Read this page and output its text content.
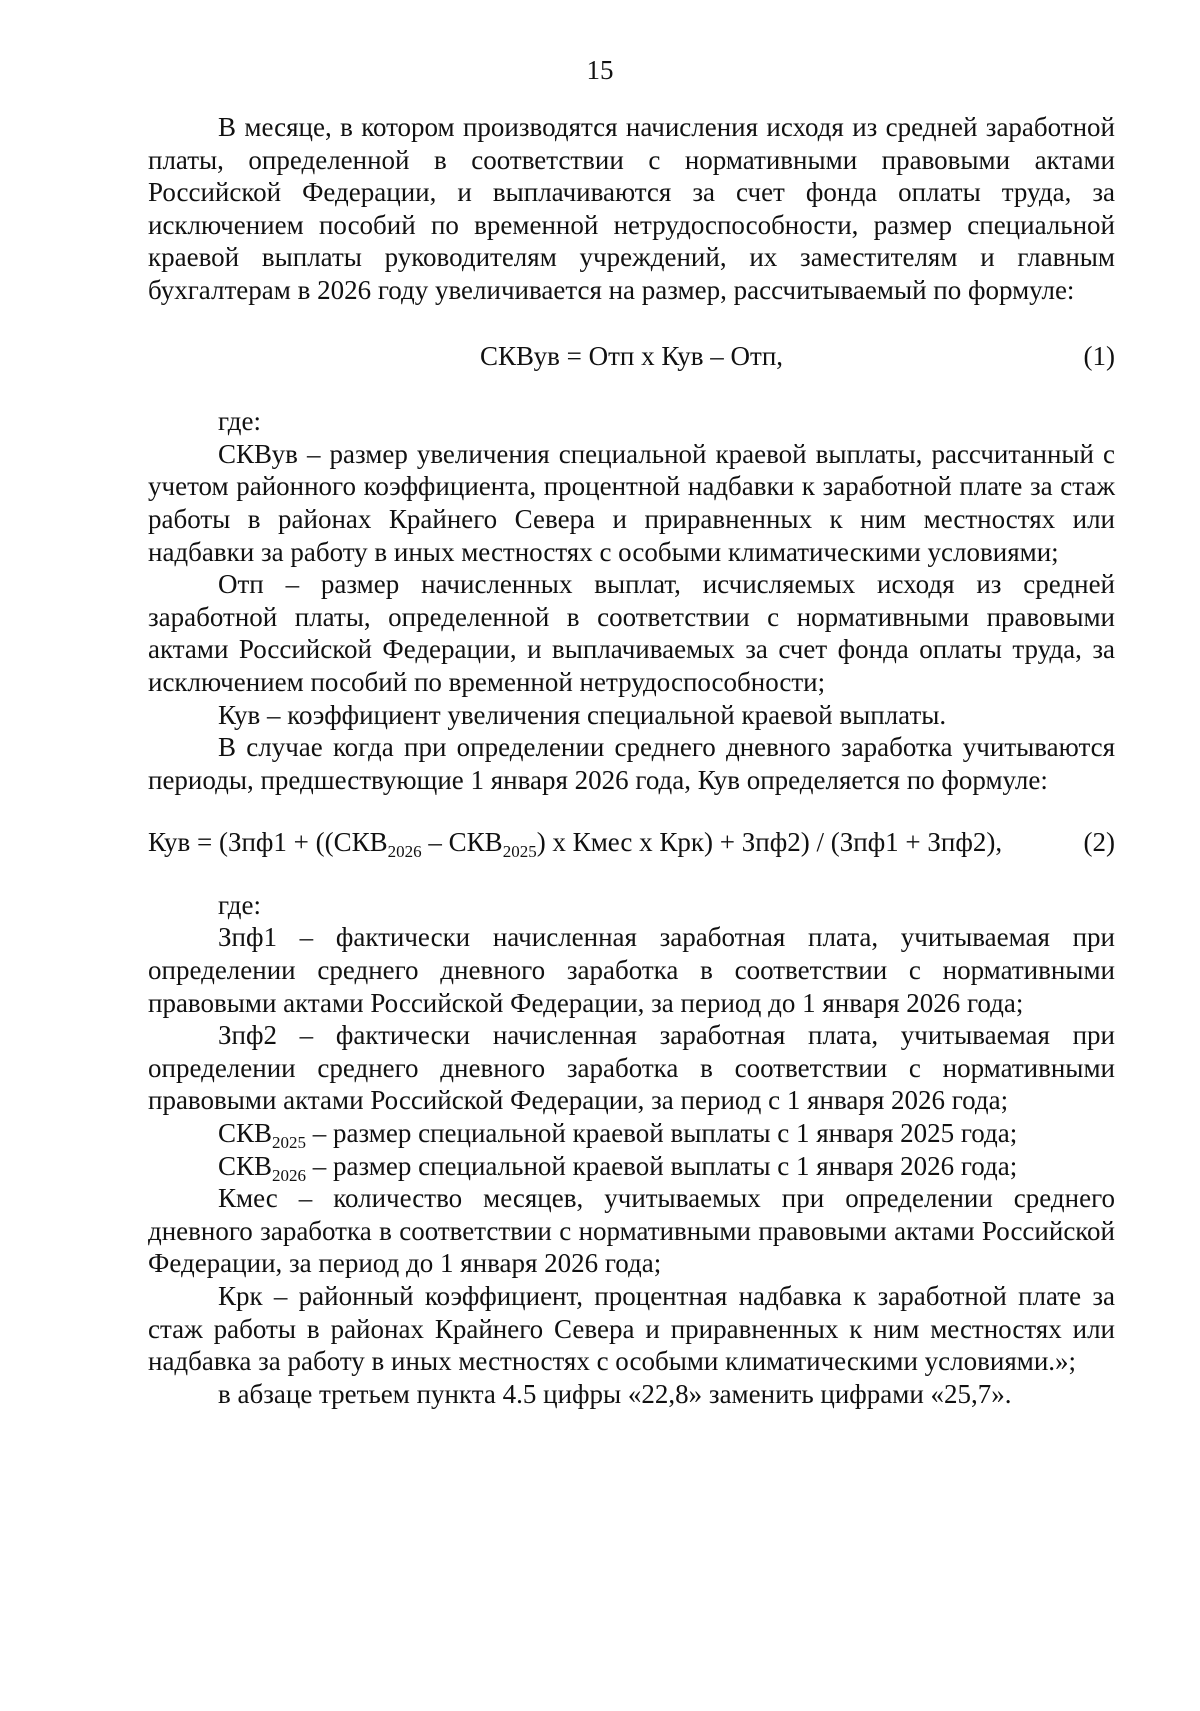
15

В месяце, в котором производятся начисления исходя из средней заработной платы, определенной в соответствии с нормативными правовыми актами Российской Федерации, и выплачиваются за счет фонда оплаты труда, за исключением пособий по временной нетрудоспособности, размер специальной краевой выплаты руководителям учреждений, их заместителям и главным бухгалтерам в 2026 году увеличивается на размер, рассчитываемый по формуле:

СКВув = Отп х Кув – Отп,	(1)

где:

СКВув – размер увеличения специальной краевой выплаты, рассчитанный с учетом районного коэффициента, процентной надбавки к заработной плате за стаж работы в районах Крайнего Севера и приравненных к ним местностях или надбавки за работу в иных местностях с особыми климатическими условиями;

Отп – размер начисленных выплат, исчисляемых исходя из средней заработной платы, определенной в соответствии с нормативными правовыми актами Российской Федерации, и выплачиваемых за счет фонда оплаты труда, за исключением пособий по временной нетрудоспособности;

Кув – коэффициент увеличения специальной краевой выплаты.

В случае когда при определении среднего дневного заработка учитываются периоды, предшествующие 1 января 2026 года, Кув определяется по формуле:

Кув = ($Зпф1 + ((СКВ_{2026} - СКВ_{2025})$ х Кмес х Крк) + Зпф2) / (Зпф1 + Зпф2),	(2)

где:

Зпф1 – фактически начисленная заработная плата, учитываемая при определении среднего дневного заработка в соответствии с нормативными правовыми актами Российской Федерации, за период до 1 января 2026 года;

Зпф2 – фактически начисленная заработная плата, учитываемая при определении среднего дневного заработка в соответствии с нормативными правовыми актами Российской Федерации, за период с 1 января 2026 года;

$СКВ_{2025}$ – размер специальной краевой выплаты с 1 января 2025 года;

$СКВ_{2026}$ – размер специальной краевой выплаты с 1 января 2026 года;

Кмес – количество месяцев, учитываемых при определении среднего дневного заработка в соответствии с нормативными правовыми актами Российской Федерации, за период до 1 января 2026 года;

Крк – районный коэффициент, процентная надбавка к заработной плате за стаж работы в районах Крайнего Севера и приравненных к ним местностях или надбавка за работу в иных местностях с особыми климатическими условиями.»;

в абзаце третьем пункта 4.5 цифры «22,8» заменить цифрами «25,7».
